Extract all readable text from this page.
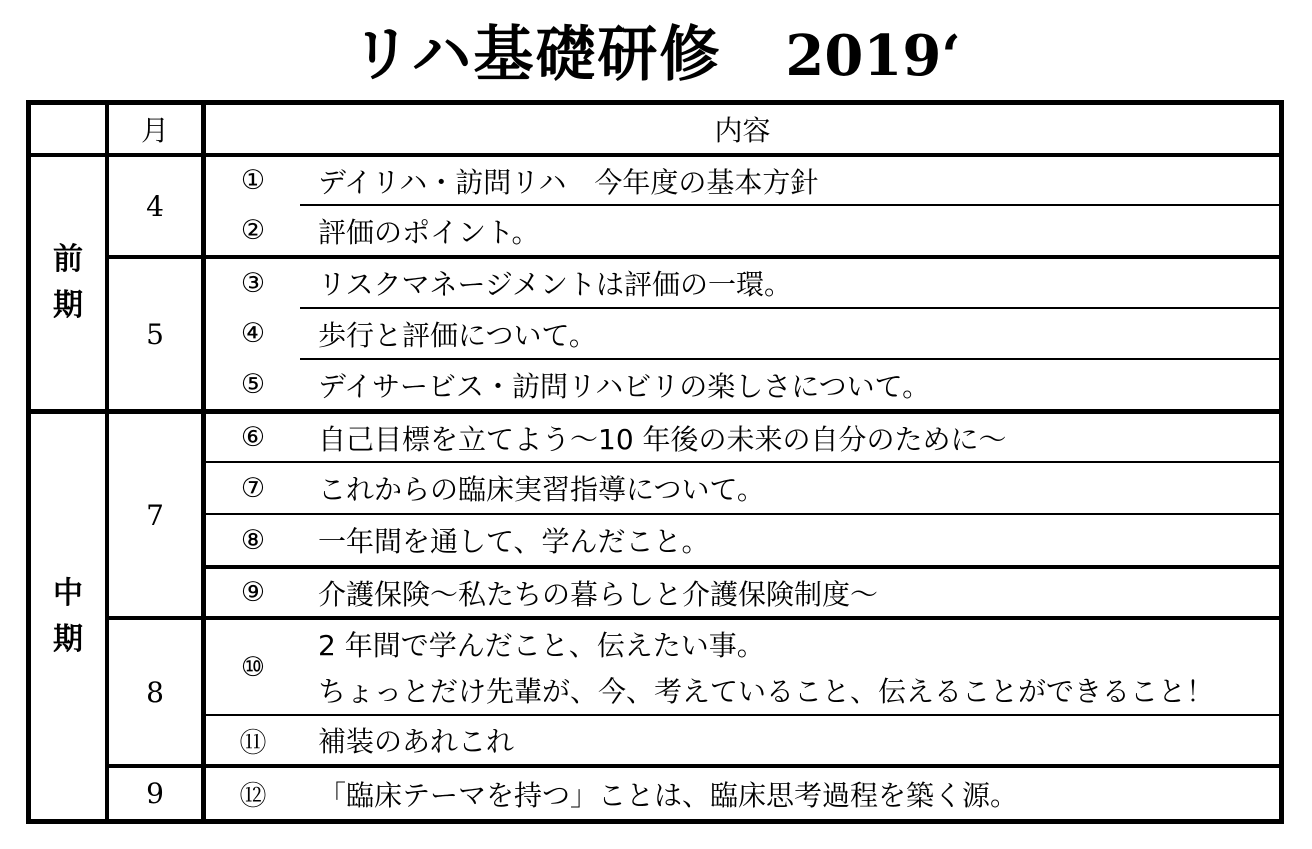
リハ基礎研修 2019‘
月	内容
前
期
中
期
4
5
7
8
9
①
②
③
④
⑤
⑥
⑦
⑧
⑨
⑩
⑪
⑫
デイリハ・訪問リハ　今年度の基本方針
評価のポイント。
リスクマネージメントは評価の一環。
歩行と評価について。
デイサービス・訪問リハビリの楽しさについて。
自己目標を立てよう～10 年後の未来の自分のために～
これからの臨床実習指導について。
一年間を通して、学んだこと。
介護保険～私たちの暮らしと介護保険制度～
2 年間で学んだこと、伝えたい事。
ちょっとだけ先輩が、今、考えていること、伝えることができること！
補装のあれこれ
「臨床テーマを持つ」ことは、臨床思考過程を築く源。
